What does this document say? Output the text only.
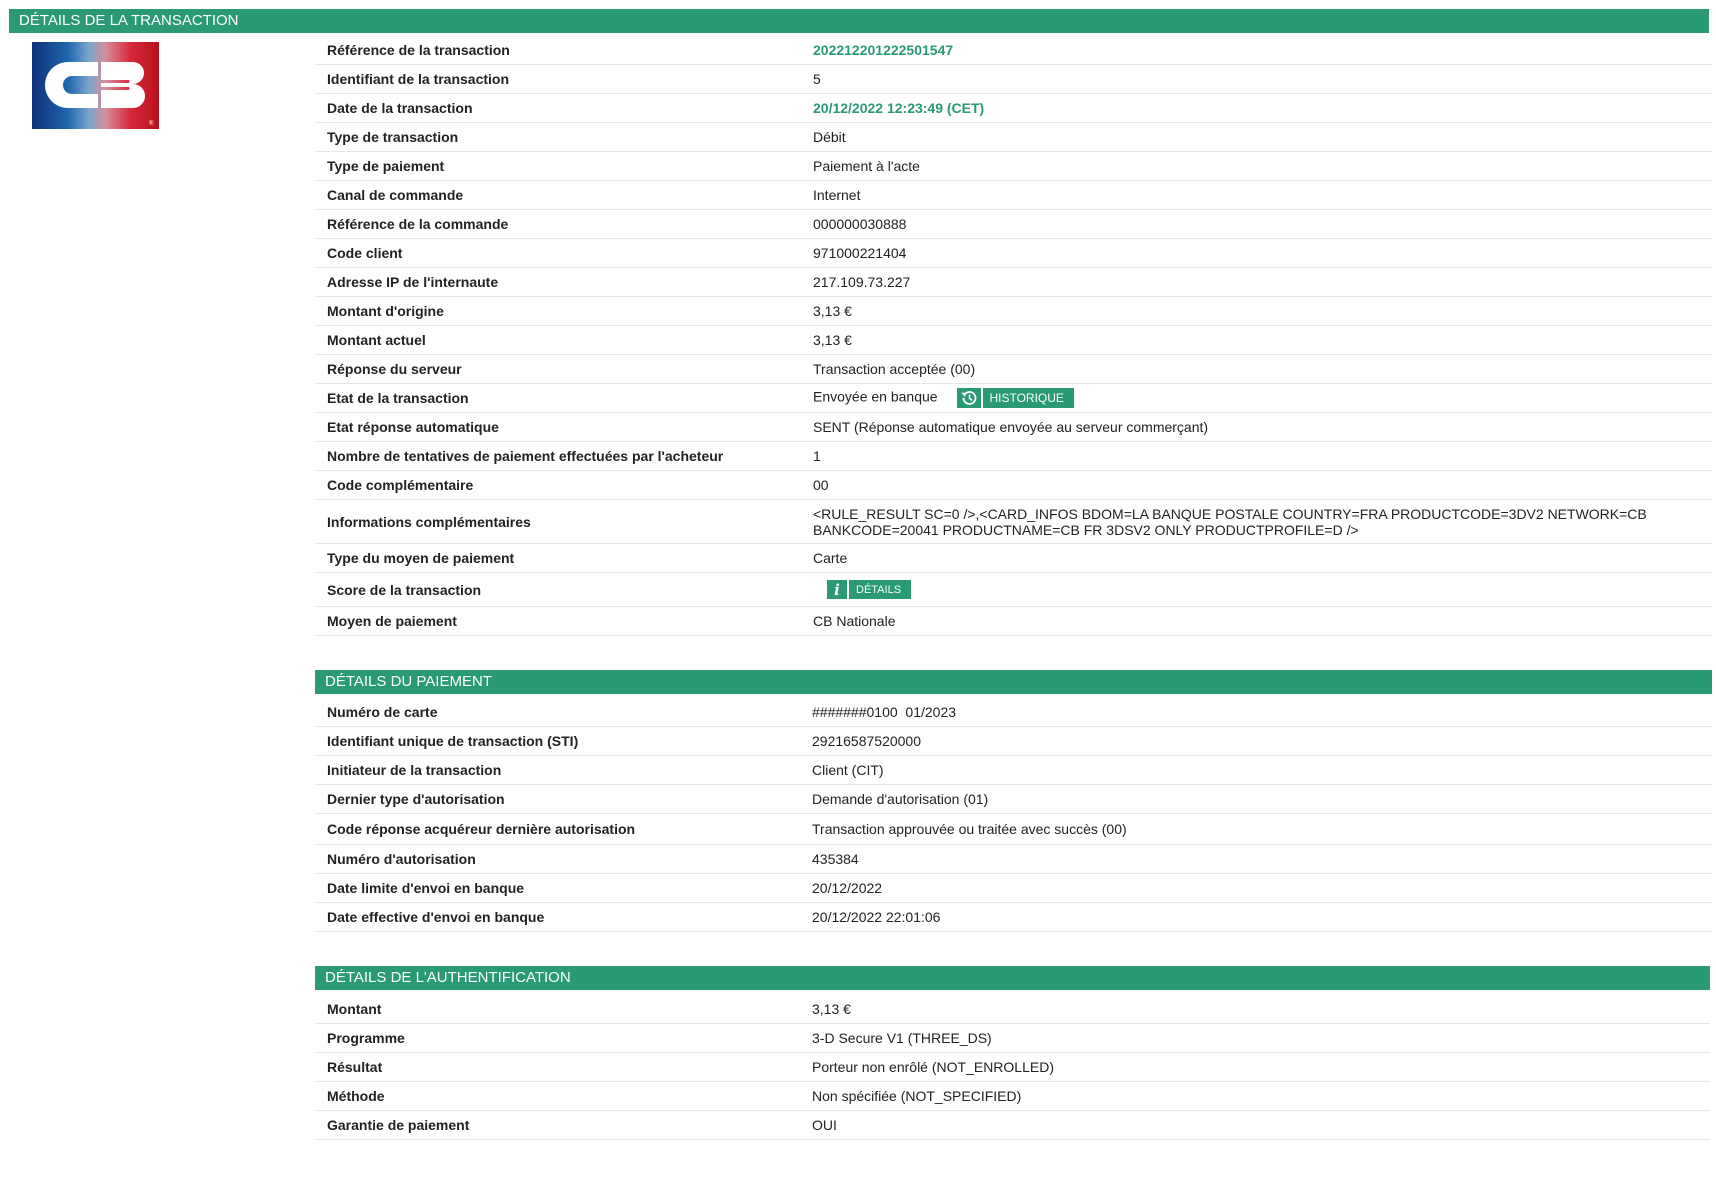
DÉTAILS DE LA TRANSACTION
®
Référence de la transaction	202212201222501547
Identifiant de la transaction	5
Date de la transaction	20/12/2022 12:23:49 (CET)
Type de transaction	Débit
Type de paiement	Paiement à l'acte
Canal de commande	Internet
Référence de la commande	000000030888
Code client	971000221404
Adresse IP de l'internaute	217.109.73.227
Montant d'origine	3,13 €
Montant actuel	3,13 €
Réponse du serveur	Transaction acceptée (00)
Etat de la transaction	Envoyée en banque HISTORIQUE

Etat réponse automatique	SENT (Réponse automatique envoyée au serveur commerçant)
Nombre de tentatives de paiement effectuées par l'acheteur	1
Code complémentaire	00
Informations complémentaires	<RULE_RESULT SC=0 />,<CARD_INFOS BDOM=LA BANQUE POSTALE COUNTRY=FRA PRODUCTCODE=3DV2 NETWORK=CB BANKCODE=20041 PRODUCTNAME=CB FR 3DSV2 ONLY PRODUCTPROFILE=D />
Type du moyen de paiement	Carte
Score de la transaction	i DÉTAILS

Moyen de paiement	CB Nationale
DÉTAILS DU PAIEMENT
Numéro de carte	#######0100  01/2023
Identifiant unique de transaction (STI)	29216587520000
Initiateur de la transaction	Client (CIT)
Dernier type d'autorisation	Demande d'autorisation (01)
Code réponse acquéreur dernière autorisation	Transaction approuvée ou traitée avec succès (00)
Numéro d'autorisation	435384
Date limite d'envoi en banque	20/12/2022
Date effective d'envoi en banque	20/12/2022 22:01:06
DÉTAILS DE L'AUTHENTIFICATION
Montant	3,13 €
Programme	3-D Secure V1 (THREE_DS)
Résultat	Porteur non enrôlé (NOT_ENROLLED)
Méthode	Non spécifiée (NOT_SPECIFIED)
Garantie de paiement	OUI
